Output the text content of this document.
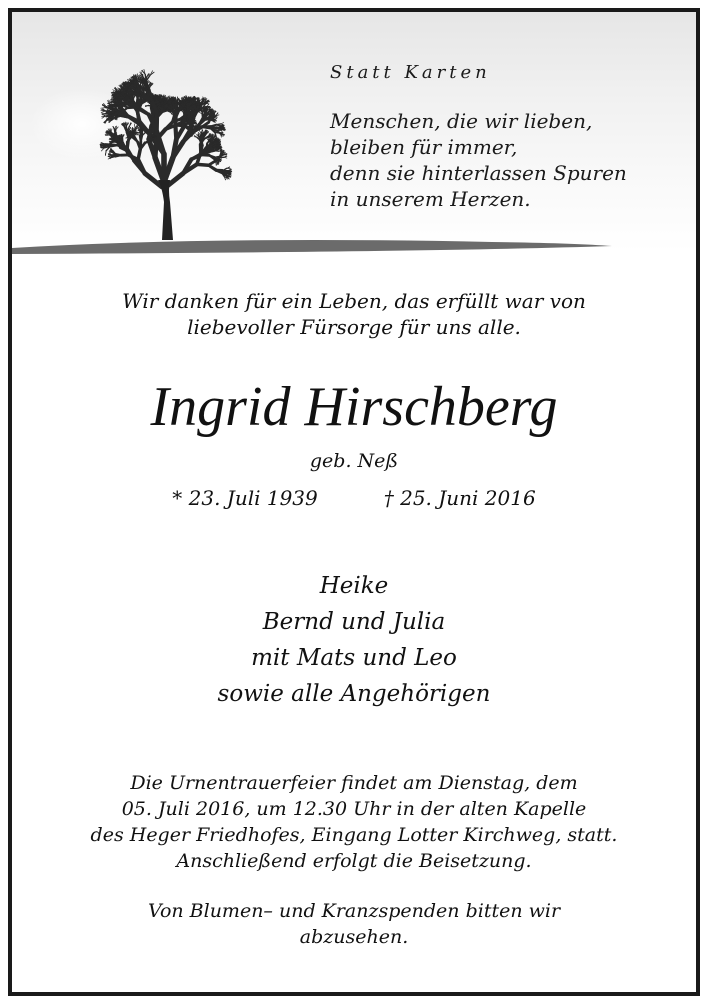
Statt Karten
Menschen, die wir lieben,
bleiben für immer,
denn sie hinterlassen Spuren
in unserem Herzen.
Wir danken für ein Leben, das erfüllt war von
liebevoller Fürsorge für uns alle.
Ingrid Hirschberg
geb. Neß
* 23. Juli 1939	† 25. Juni 2016
Heike
Bernd und Julia
mit Mats und Leo
sowie alle Angehörigen
Die Urnentrauerfeier findet am Dienstag, dem
05. Juli 2016, um 12.30 Uhr in der alten Kapelle
des Heger Friedhofes, Eingang Lotter Kirchweg, statt.
Anschließend erfolgt die Beisetzung.
Von Blumen– und Kranzspenden bitten wir
abzusehen.
